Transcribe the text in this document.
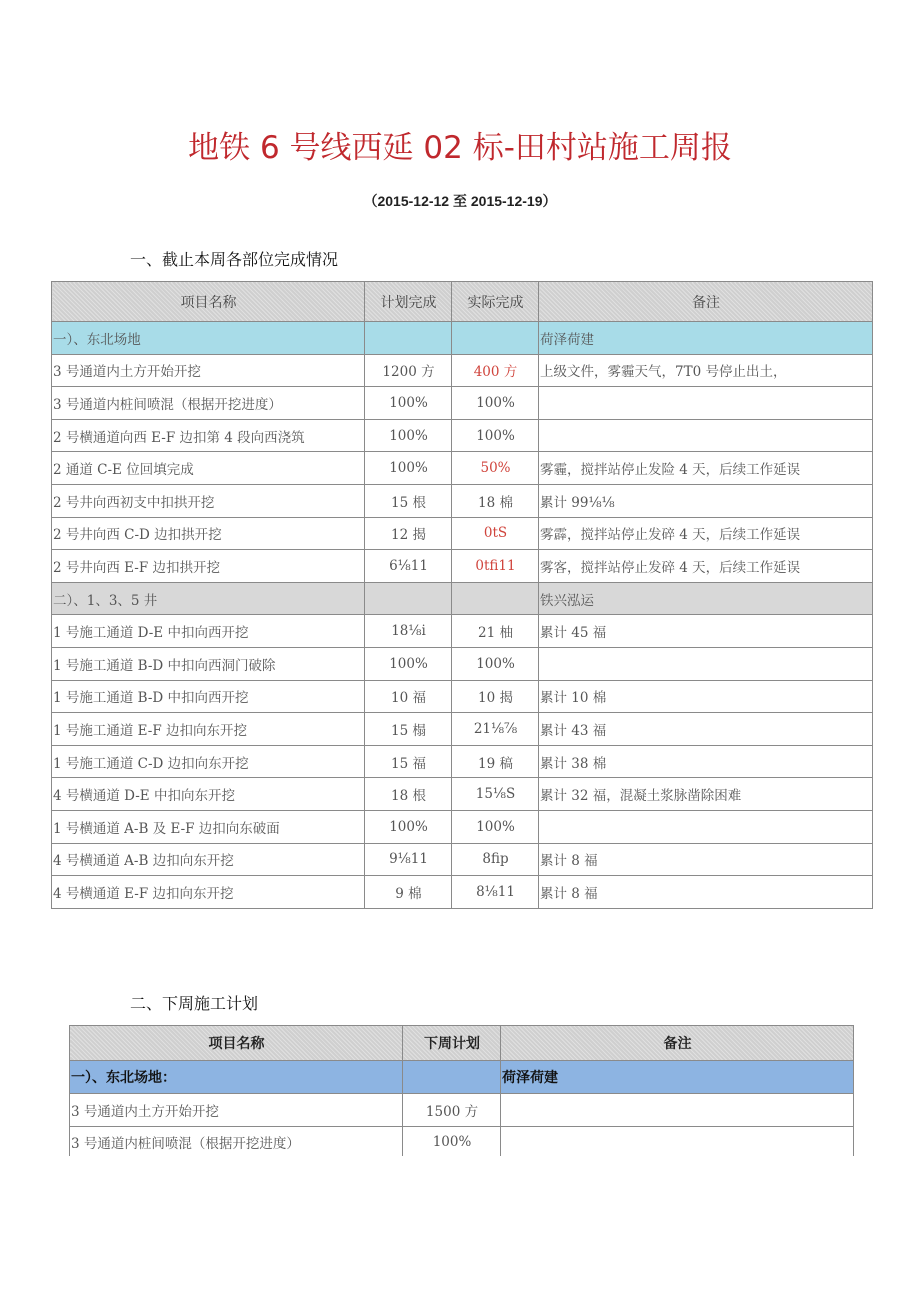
地铁 6 号线西延 02 标-田村站施工周报
（2015-12-12 至 2015-12-19）
一、截止本周各部位完成情况
项目名称	计划完成	实际完成	备注
一）、东北场地			荷泽荷建
3 号通道内土方开始开挖	1200 方	400 方	上级文件，雾霾天气，7T0 号停止出土，
3 号通道内桩间喷混（根据开挖进度）	100%	100%	
2 号横通道向西 E-F 边扣第 4 段向西浇筑	100%	100%	
2 通道 C-E 位回填完成	100%	50%	雾霾，搅拌站停止发险 4 天，后续工作延误
2 号井向西初支中扣拱开挖	15 根	18 棉	累计 99⅛⅛
2 号井向西 C-D 边扣拱开挖	12 揭	0tS	雾霹，搅拌站停止发碎 4 天，后续工作延误
2 号井向西 E-F 边扣拱开挖	6⅛11	0tfi11	雾客，搅拌站停止发碎 4 天，后续工作延误
二）、1、3、5 井			铁兴泓运
1 号施工通道 D-E 中扣向西开挖	18⅛i	21 柚	累计 45 福
1 号施工通道 B-D 中扣向西洞门破除	100%	100%	
1 号施工通道 B-D 中扣向西开挖	10 福	10 揭	累计 10 棉
1 号施工通道 E-F 边扣向东开挖	15 榻	21⅛⅞	累计 43 福
1 号施工通道 C-D 边扣向东开挖	15 福	19 稿	累计 38 棉
4 号横通道 D-E 中扣向东开挖	18 根	15⅛S	累计 32 福，混凝土浆脉凿除困难
1 号横通道 A-B 及 E-F 边扣向东破面	100%	100%	
4 号横通道 A-B 边扣向东开挖	9⅛11	8fip	累计 8 福
4 号横通道 E-F 边扣向东开挖	9 棉	8⅛11	累计 8 福
二、下周施工计划
项目名称	下周计划	备注
一）、东北场地：		荷泽荷建
3 号通道内土方开始开挖	1500 方	
3 号通道内桩间喷混（根据开挖进度）	100%	
